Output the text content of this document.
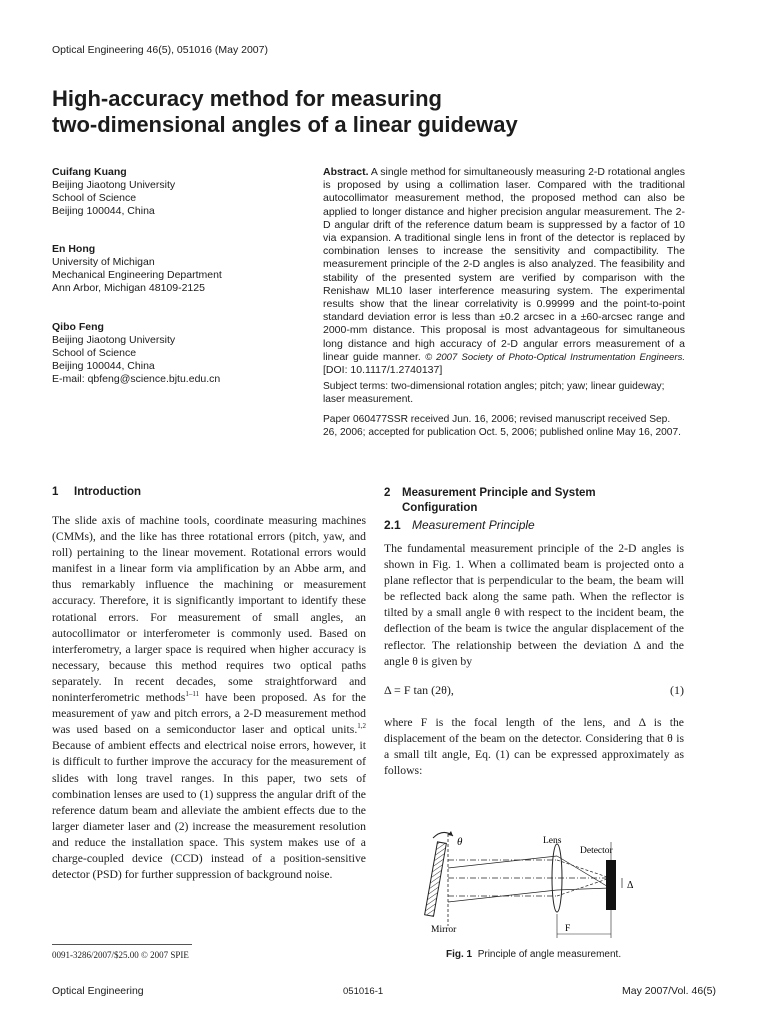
Optical Engineering 46(5), 051016 (May 2007)
High-accuracy method for measuring
two-dimensional angles of a linear guideway
Cuifang Kuang
Beijing Jiaotong University
School of Science
Beijing 100044, China
En Hong
University of Michigan
Mechanical Engineering Department
Ann Arbor, Michigan 48109-2125
Qibo Feng
Beijing Jiaotong University
School of Science
Beijing 100044, China
E-mail: qbfeng@science.bjtu.edu.cn
Abstract. A single method for simultaneously measuring 2-D rotational angles is proposed by using a collimation laser. Compared with the traditional autocollimator measurement method, the proposed method can also be applied to longer distance and higher precision angular measurement. The 2-D angular drift of the reference datum beam is suppressed by a factor of 10 via expansion. A traditional single lens in front of the detector is replaced by combination lenses to increase the sensitivity and compactibility. The measurement principle of the 2-D angles is also analyzed. The feasibility and stability of the presented system are verified by comparison with the Renishaw ML10 laser interference measuring system. The experimental results show that the linear correlativity is 0.99999 and the point-to-point standard deviation error is less than ±0.2 arcsec in a ±60-arcsec range and 2000-mm distance. This proposal is most advantageous for simultaneous long distance and high accuracy of 2-D angular errors measurement of a linear guide manner. © 2007 Society of Photo-Optical Instrumentation Engineers. [DOI: 10.1117/1.2740137]
Subject terms: two-dimensional rotation angles; pitch; yaw; linear guideway; laser measurement.
Paper 060477SSR received Jun. 16, 2006; revised manuscript received Sep. 26, 2006; accepted for publication Oct. 5, 2006; published online May 16, 2007.
1 Introduction
The slide axis of machine tools, coordinate measuring machines (CMMs), and the like has three rotational errors (pitch, yaw, and roll) pertaining to the linear movement. Rotational errors would manifest in a linear form via amplification by an Abbe arm, and thus remarkably influence the machining or measurement accuracy. Therefore, it is significantly important to identify these rotational errors. For measurement of small angles, an autocollimator or interferometer is commonly used. Based on interferometry, a larger space is required when higher accuracy is necessary, because this method requires two optical paths separately. In recent decades, some straightforward and noninterferometric methods$^{1-11}$ have been proposed. As for the measurement of yaw and pitch errors, a 2-D measurement method was used based on a semiconductor laser and optical units.$^{1,2}$ Because of ambient effects and electrical noise errors, however, it is difficult to further improve the accuracy for the measurement of slides with long travel ranges. In this paper, two sets of combination lenses are used to (1) suppress the angular drift of the reference datum beam and alleviate the ambient effects due to the larger diameter laser and (2) increase the measurement resolution and reduce the installation space. This system makes use of a charge-coupled device (CCD) instead of a position-sensitive detector (PSD) for further suppression of background noise.
2 Measurement Principle and System
Configuration
2.1 Measurement Principle
The fundamental measurement principle of the 2-D angles is shown in Fig. 1. When a collimated beam is projected onto a plane reflector that is perpendicular to the beam, the beam will be reflected back along the same path. When the reflector is tilted by a small angle θ with respect to the incident beam, the deflection of the beam is twice the angular displacement of the reflector. The relationship between the deviation Δ and the angle θ is given by
Δ = F tan (2θ),	(1)
where F is the focal length of the lens, and Δ is the displacement of the beam on the detector. Considering that θ is a small tilt angle, Eq. (1) can be expressed approximately as follows:
θ	Lens
Detector
Δ
F
Mirror
Fig. 1 Principle of angle measurement.
0091-3286/2007/$25.00 © 2007 SPIE
Optical Engineering	051016-1	May 2007/Vol. 46(5)
